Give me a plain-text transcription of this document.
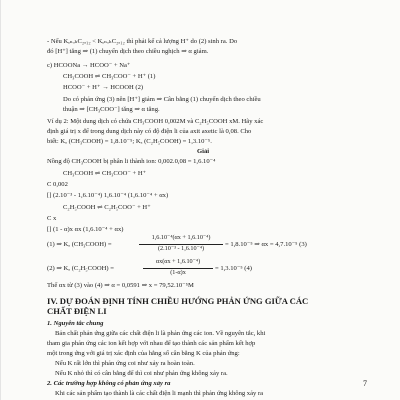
- Nếu KₑₙₒₕC₂ₐ₁₂ < KₑₙₒₕC₂ₐ₁₂ thì phải kể cả lượng H⁺ do (2) sinh ra. Do
đó [H⁺] tăng ⇒ (1) chuyển dịch theo chiều nghịch ⇒ α giảm.
c) HCOONa → HCOO⁻ + Na⁺
CH₃COOH ⇌ CH₃COO⁻ + H⁺ (1)
HCOO⁻ + H⁺ → HCOOH (2)
Do có phản ứng (3) nên [H⁺] giảm ⇒ Cân bằng (1) chuyển dịch theo chiều
thuận ⇒ [CH₃COO⁻] tăng ⇒ α tăng.
Ví dụ 2: Một dung dịch có chứa CH₃COOH 0,002M và C₂H₅COOH xM. Hãy xác
định giá trị x để trong dung dịch này có độ điện li của axit axetic là 0,08. Cho
biết: Kₐ (CH₃COOH) = 1,8.10⁻⁵; Kₐ (C₂H₅COOH) = 1,3.10⁻⁵.
Giải
Nồng độ CH₃COOH bị phân li thành ion: 0,002.0,08 = 1,6.10⁻⁴
CH₃COOH ⇌ CH₃COO⁻ + H⁺
C 0,002
[] (2.10⁻³ - 1,6.10⁻⁴) 1,6.10⁻⁴ (1,6.10⁻⁴ + αx)
C₂H₅COOH ⇌ C₂H₅COO⁻ + H⁺
C x
[] (1 - α)x αx (1,6.10⁻⁴ + αx)
(1) ⇒ Kₐ (CH₃COOH) =
1,6.10⁻⁴(αx + 1,6.10⁻⁴)
(2.10⁻³ - 1,6.10⁻⁴)
= 1,8.10⁻⁵ ⇒ αx = 4,7.10⁻⁵ (3)
(2) ⇒ Kₐ (C₂H₅COOH) =
αx(αx + 1,6.10⁻⁴)
(1-α)x
= 1,3.10⁻⁵ (4)
Thế αx từ (3) vào (4) ⇒ α = 0,0591 ⇒ x = 79,52.10⁻⁵M
IV. DỰ ĐOÁN ĐỊNH TÍNH CHIỀU HƯỚNG PHẢN ỨNG GIỮA CÁC
CHẤT ĐIỆN LI
1. Nguyên tắc chung
Bản chất phản ứng giữa các chất điện li là phản ứng các ion. Về nguyên tắc, khi
tham gia phản ứng các ion kết hợp với nhau để tạo thành các sản phẩm kết hợp
một trong ứng với giá trị xác định của hằng số cân bằng K của phản ứng:
Nếu K rất lớn thì phản ứng coi như xảy ra hoàn toàn.
Nếu K nhỏ thì có cân bằng để thì coi như phản ứng không xảy ra.
2. Các trường hợp không có phản ứng xảy ra
Khi các sản phẩm tạo thành là các chất điện li mạnh thì phản ứng không xảy ra
7
